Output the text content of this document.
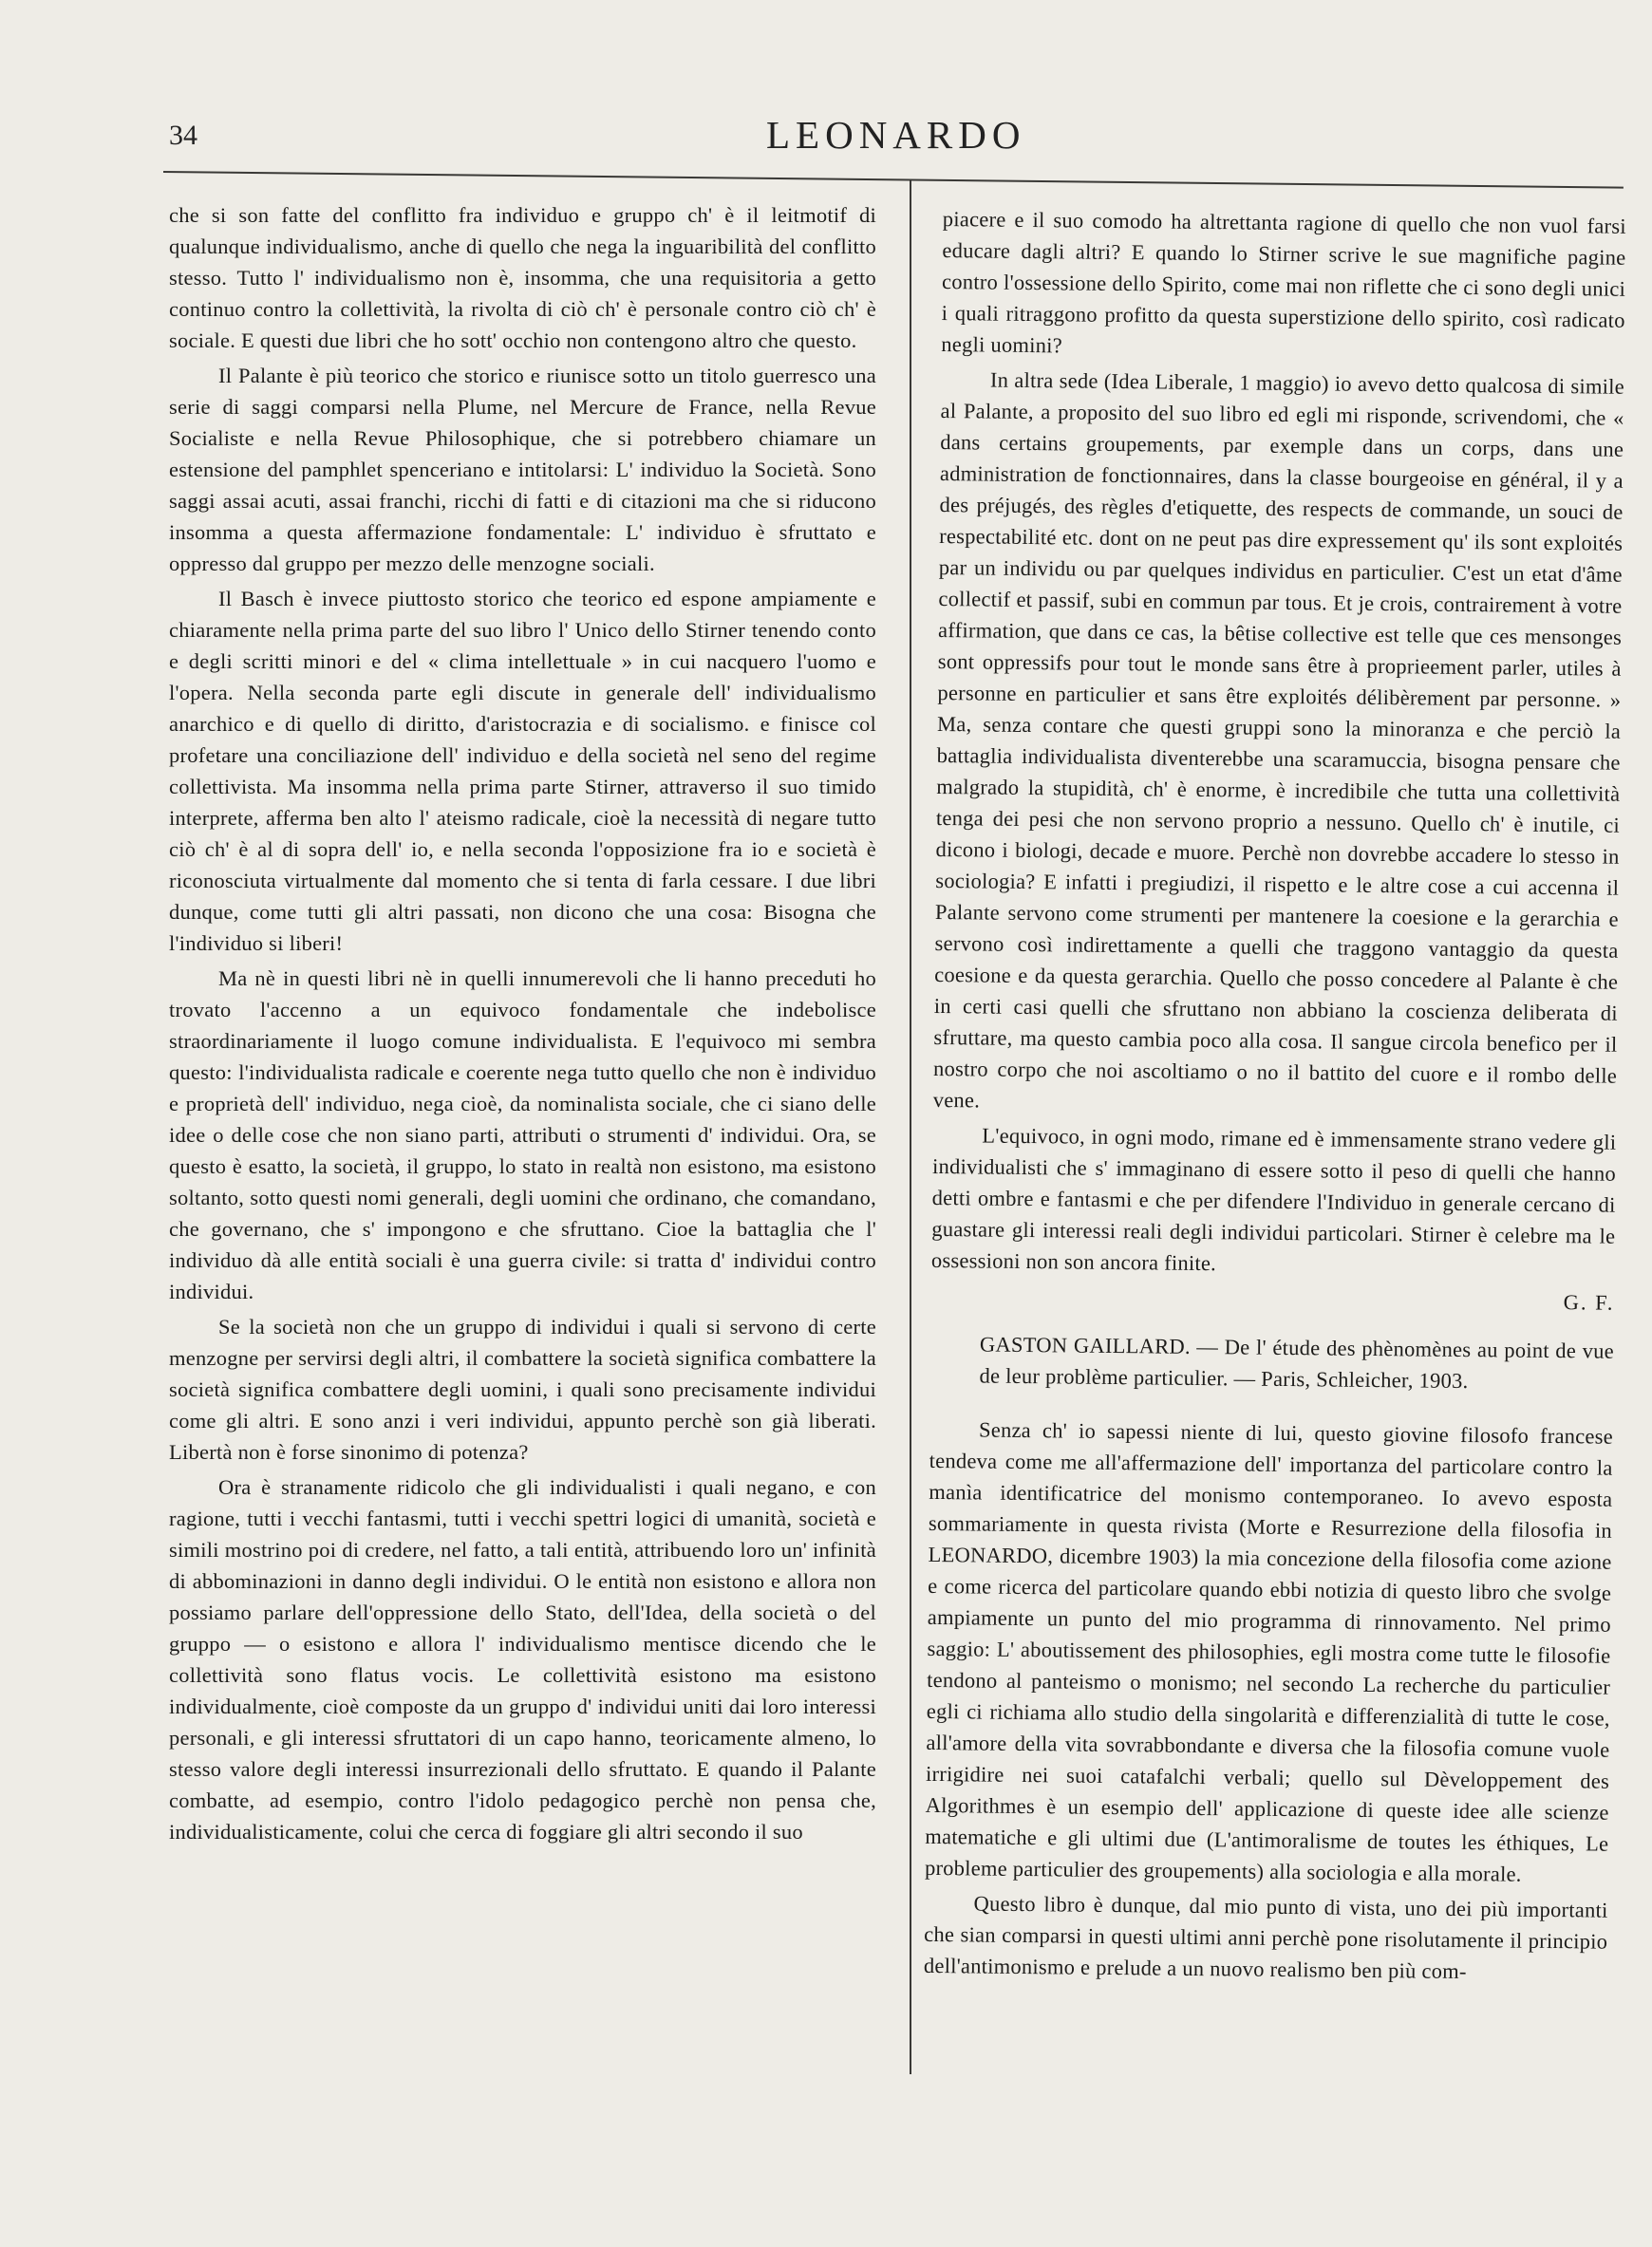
34	LEONARDO

che si son fatte del conflitto fra individuo e gruppo ch' è il leitmotif di qualunque individualismo, anche di quello che nega la inguaribilità del conflitto stesso. Tutto l' individualismo non è, insomma, che una requisitoria a getto continuo contro la collettività, la rivolta di ciò ch' è personale contro ciò ch' è sociale. E questi due libri che ho sott' occhio non contengono altro che questo.

Il Palante è più teorico che storico e riunisce sotto un titolo guerresco una serie di saggi comparsi nella Plume, nel Mercure de France, nella Revue Socialiste e nella Revue Philosophique, che si potrebbero chiamare un estensione del pamphlet spenceriano e intitolarsi: L' individuo la Società. Sono saggi assai acuti, assai franchi, ricchi di fatti e di citazioni ma che si riducono insomma a questa affermazione fondamentale: L' individuo è sfruttato e oppresso dal gruppo per mezzo delle menzogne sociali.

Il Basch è invece piuttosto storico che teorico ed espone ampiamente e chiaramente nella prima parte del suo libro l' Unico dello Stirner tenendo conto e degli scritti minori e del « clima intellettuale » in cui nacquero l'uomo e l'opera. Nella seconda parte egli discute in generale dell' individualismo anarchico e di quello di diritto, d'aristocrazia e di socialismo. e finisce col profetare una conciliazione dell' individuo e della società nel seno del regime collettivista. Ma insomma nella prima parte Stirner, attraverso il suo timido interprete, afferma ben alto l' ateismo radicale, cioè la necessità di negare tutto ciò ch' è al di sopra dell' io, e nella seconda l'opposizione fra io e società è riconosciuta virtualmente dal momento che si tenta di farla cessare. I due libri dunque, come tutti gli altri passati, non dicono che una cosa: Bisogna che l'individuo si liberi!

Ma nè in questi libri nè in quelli innumerevoli che li hanno preceduti ho trovato l'accenno a un equivoco fondamentale che indebolisce straordinariamente il luogo comune individualista. E l'equivoco mi sembra questo: l'individualista radicale e coerente nega tutto quello che non è individuo e proprietà dell' individuo, nega cioè, da nominalista sociale, che ci siano delle idee o delle cose che non siano parti, attributi o strumenti d' individui. Ora, se questo è esatto, la società, il gruppo, lo stato in realtà non esistono, ma esistono soltanto, sotto questi nomi generali, degli uomini che ordinano, che comandano, che governano, che s' impongono e che sfruttano. Cioe la battaglia che l' individuo dà alle entità sociali è una guerra civile: si tratta d' individui contro individui.

Se la società non che un gruppo di individui i quali si servono di certe menzogne per servirsi degli altri, il combattere la società significa combattere la società significa combattere degli uomini, i quali sono precisamente individui come gli altri. E sono anzi i veri individui, appunto perchè son già liberati. Libertà non è forse sinonimo di potenza?

Ora è stranamente ridicolo che gli individualisti i quali negano, e con ragione, tutti i vecchi fantasmi, tutti i vecchi spettri logici di umanità, società e simili mostrino poi di credere, nel fatto, a tali entità, attribuendo loro un' infinità di abbominazioni in danno degli individui. O le entità non esistono e allora non possiamo parlare dell'oppressione dello Stato, dell'Idea, della società o del gruppo — o esistono e allora l' individualismo mentisce dicendo che le collettività sono flatus vocis. Le collettività esistono ma esistono individualmente, cioè composte da un gruppo d' individui uniti dai loro interessi personali, e gli interessi sfruttatori di un capo hanno, teoricamente almeno, lo stesso valore degli interessi insurrezionali dello sfruttato. E quando il Palante combatte, ad esempio, contro l'idolo pedagogico perchè non pensa che, individualisticamente, colui che cerca di foggiare gli altri secondo il suo

piacere e il suo comodo ha altrettanta ragione di quello che non vuol farsi educare dagli altri? E quando lo Stirner scrive le sue magnifiche pagine contro l'ossessione dello Spirito, come mai non riflette che ci sono degli unici i quali ritraggono profitto da questa superstizione dello spirito, così radicato negli uomini?

In altra sede (Idea Liberale, 1 maggio) io avevo detto qualcosa di simile al Palante, a proposito del suo libro ed egli mi risponde, scrivendomi, che « dans certains groupements, par exemple dans un corps, dans une administration de fonctionnaires, dans la classe bourgeoise en général, il y a des préjugés, des règles d'etiquette, des respects de commande, un souci de respectabilité etc. dont on ne peut pas dire expressement qu' ils sont exploités par un individu ou par quelques individus en particulier. C'est un etat d'âme collectif et passif, subi en commun par tous. Et je crois, contrairement à votre affirmation, que dans ce cas, la bêtise collective est telle que ces mensonges sont oppressifs pour tout le monde sans être à proprieement parler, utiles à personne en particulier et sans être exploités délibèrement par personne. » Ma, senza contare che questi gruppi sono la minoranza e che perciò la battaglia individualista diventerebbe una scaramuccia, bisogna pensare che malgrado la stupidità, ch' è enorme, è incredibile che tutta una collettività tenga dei pesi che non servono proprio a nessuno. Quello ch' è inutile, ci dicono i biologi, decade e muore. Perchè non dovrebbe accadere lo stesso in sociologia? E infatti i pregiudizi, il rispetto e le altre cose a cui accenna il Palante servono come strumenti per mantenere la coesione e la gerarchia e servono così indirettamente a quelli che traggono vantaggio da questa coesione e da questa gerarchia. Quello che posso concedere al Palante è che in certi casi quelli che sfruttano non abbiano la coscienza deliberata di sfruttare, ma questo cambia poco alla cosa. Il sangue circola benefico per il nostro corpo che noi ascoltiamo o no il battito del cuore e il rombo delle vene.

L'equivoco, in ogni modo, rimane ed è immensamente strano vedere gli individualisti che s' immaginano di essere sotto il peso di quelli che hanno detti ombre e fantasmi e che per difendere l'Individuo in generale cercano di guastare gli interessi reali degli individui particolari. Stirner è celebre ma le ossessioni non son ancora finite.

G. F.

GASTON GAILLARD. — De l' étude des phènomènes au point de vue de leur problème particulier. — Paris, Schleicher, 1903.

Senza ch' io sapessi niente di lui, questo giovine filosofo francese tendeva come me all'affermazione dell' importanza del particolare contro la manìa identificatrice del monismo contemporaneo. Io avevo esposta sommariamente in questa rivista (Morte e Resurrezione della filosofia in LEONARDO, dicembre 1903) la mia concezione della filosofia come azione e come ricerca del particolare quando ebbi notizia di questo libro che svolge ampiamente un punto del mio programma di rinnovamento. Nel primo saggio: L' aboutissement des philosophies, egli mostra come tutte le filosofie tendono al panteismo o monismo; nel secondo La recherche du particulier egli ci richiama allo studio della singolarità e differenzialità di tutte le cose, all'amore della vita sovrabbondante e diversa che la filosofia comune vuole irrigidire nei suoi catafalchi verbali; quello sul Dèveloppement des Algorithmes è un esempio dell' applicazione di queste idee alle scienze matematiche e gli ultimi due (L'antimoralisme de toutes les éthiques, Le probleme particulier des groupements) alla sociologia e alla morale.

Questo libro è dunque, dal mio punto di vista, uno dei più importanti che sian comparsi in questi ultimi anni perchè pone risolutamente il principio dell'antimonismo e prelude a un nuovo realismo ben più com-
